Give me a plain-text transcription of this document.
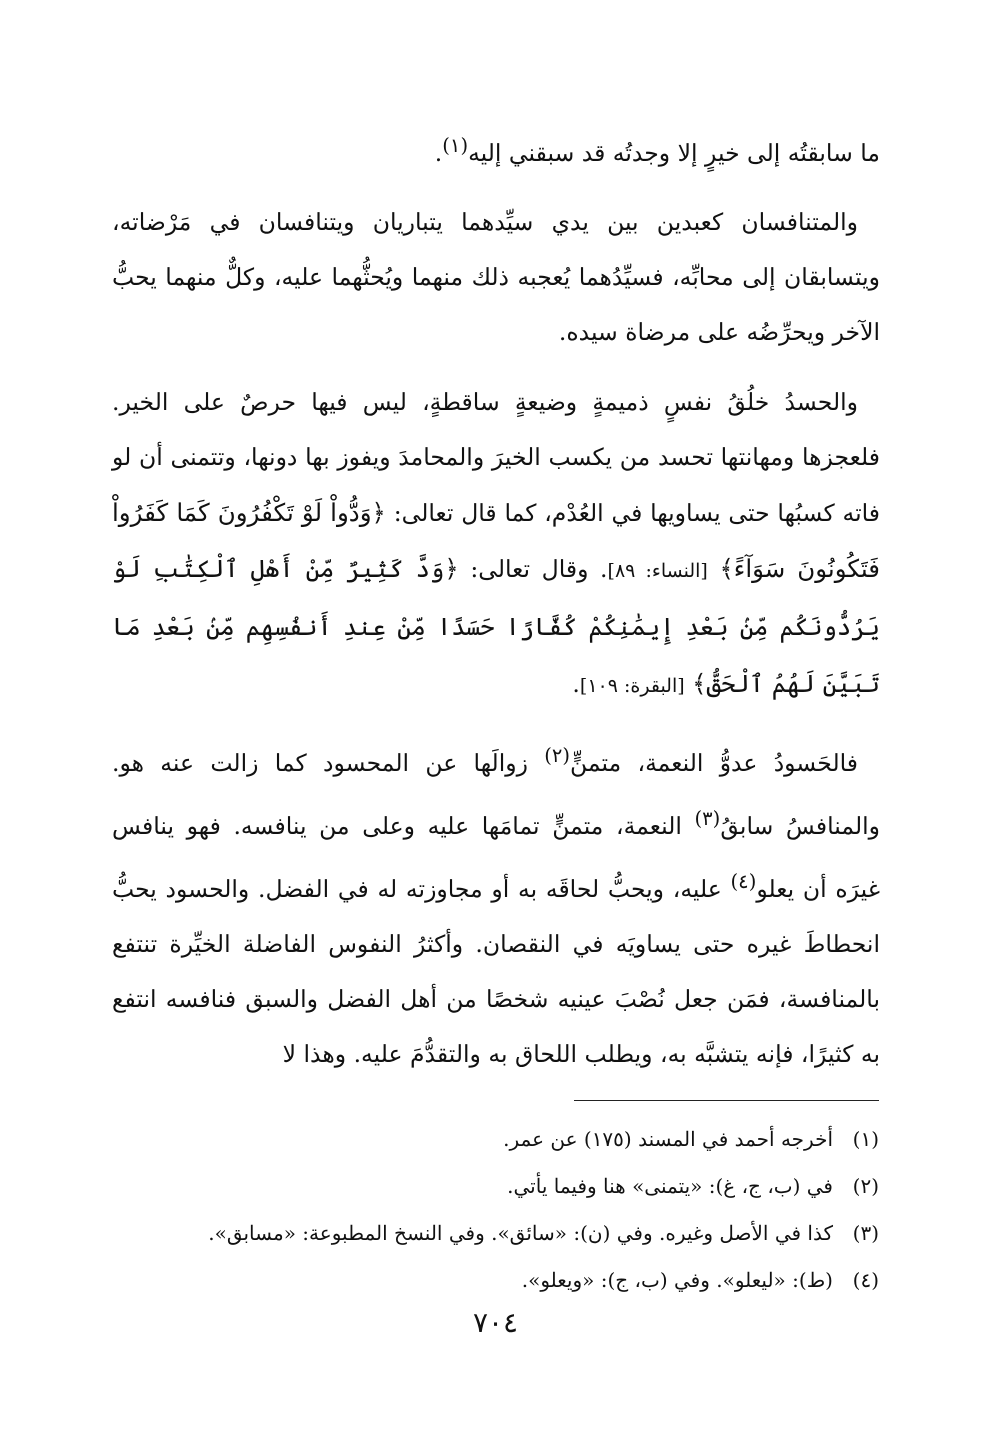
ما سابقتُه إلى خيرٍ إلا وجدتُه قد سبقني إليه$^{(١)}$.

والمتنافسان كعبدين بين يدي سيِّدهما يتباريان ويتنافسان في مَرْضاته، ويتسابقان إلى محابِّه، فسيِّدُهما يُعجبه ذلك منهما ويُحثُّهما عليه، وكلٌّ منهما يحبُّ الآخر ويحرِّضُه على مرضاة سيده.

والحسدُ خلُقُ نفسٍ ذميمةٍ وضيعةٍ ساقطةٍ، ليس فيها حرصٌ على الخير. فلعجزها ومهانتها تحسد من يكسب الخيرَ والمحامدَ ويفوز بها دونها، وتتمنى أن لو فاته كسبُها حتى يساويها في العُدْم، كما قال تعالى: ﴿وَدُّواْ لَوْ تَكْفُرُونَ كَمَا كَفَرُواْ فَتَكُونُونَ سَوَآءً﴾ [النساء: ٨٩]. وقال تعالى: ﴿وَدَّ كَثِيرٌ مِّنْ أَهْلِ ٱلْكِتَٰبِ لَوْ يَرُدُّونَكُم مِّنۢ بَعْدِ إِيمَٰنِكُمْ كُفَّارًا حَسَدًا مِّنْ عِندِ أَنفُسِهِم مِّنۢ بَعْدِ مَا تَبَيَّنَ لَهُمُ ٱلْحَقُّ﴾ [البقرة: ١٠٩].

فالحَسودُ عدوُّ النعمة، متمنٍّ$^{(٢)}$ زوالَها عن المحسود كما زالت عنه هو. والمنافسُ سابقُ$^{(٣)}$ النعمة، متمنٍّ تمامَها عليه وعلى من ينافسه. فهو ينافس غيرَه أن يعلو$^{(٤)}$ عليه، ويحبُّ لحاقَه به أو مجاوزته له في الفضل. والحسود يحبُّ انحطاطَ غيره حتى يساويَه في النقصان. وأكثرُ النفوس الفاضلة الخيِّرة تنتفع بالمنافسة، فمَن جعل نُصْبَ عينيه شخصًا من أهل الفضل والسبق فنافسه انتفع به كثيرًا، فإنه يتشبَّه به، ويطلب اللحاق به والتقدُّمَ عليه. وهذا لا

(١)
أخرجه أحمد في المسند (١٧٥) عن عمر.
(٢)
في (ب، ج، غ): «يتمنى» هنا وفيما يأتي.
(٣)
كذا في الأصل وغيره. وفي (ن): «سائق». وفي النسخ المطبوعة: «مسابق».
(٤)
(ط): «ليعلو». وفي (ب، ج): «ويعلو».
٧٠٤
